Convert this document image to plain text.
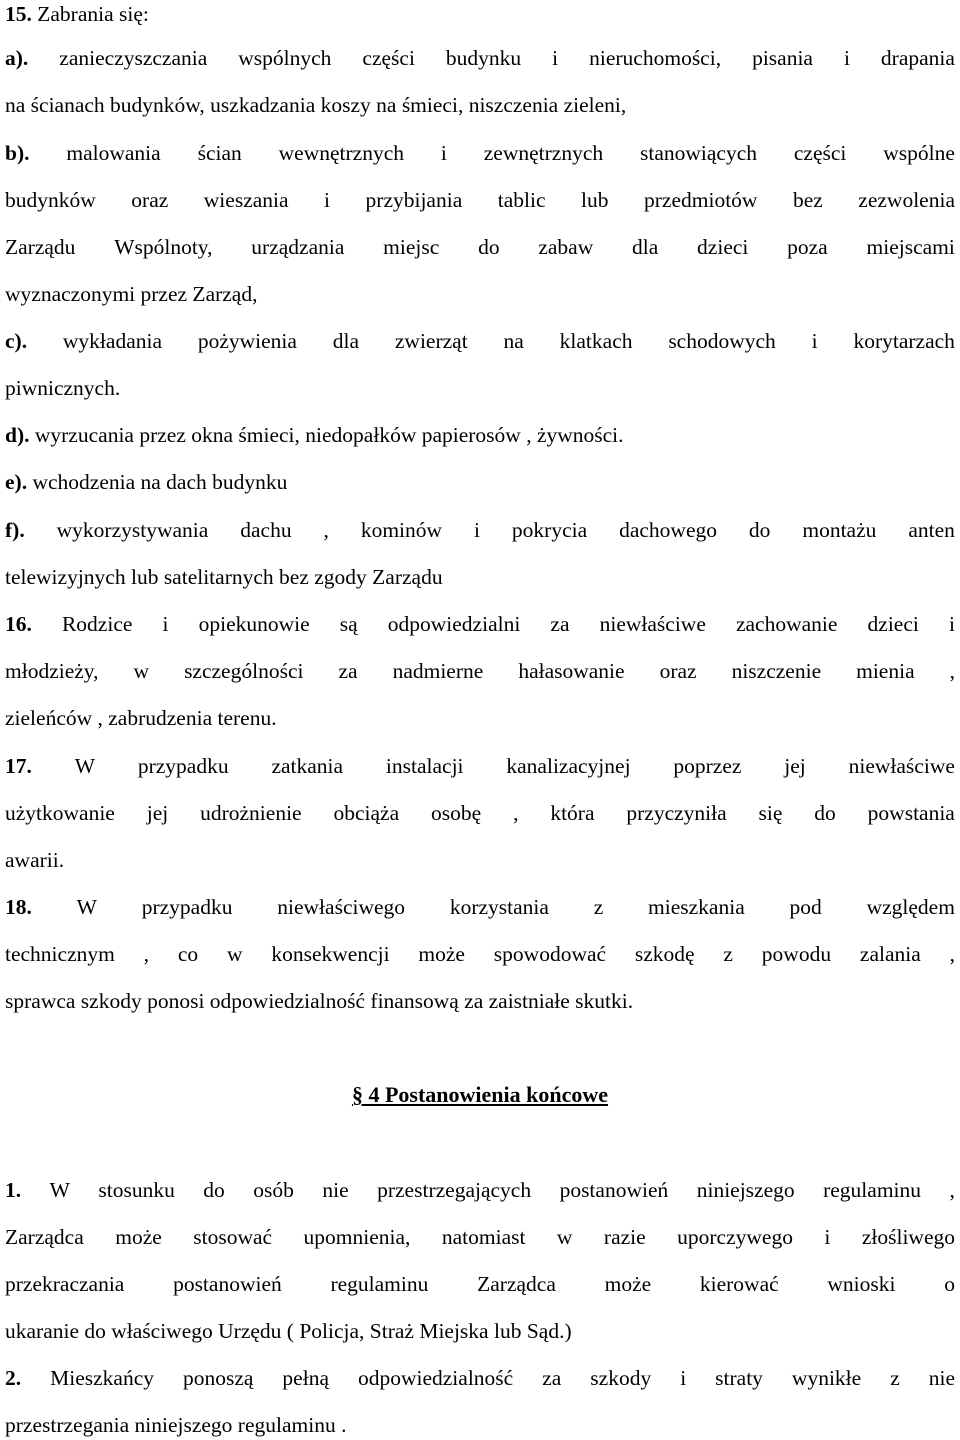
15. Zabrania się:
a). zanieczyszczania wspólnych części budynku i nieruchomości, pisania i drapania
na ścianach budynków, uszkadzania koszy na śmieci, niszczenia zieleni,
b). malowania ścian wewnętrznych i zewnętrznych stanowiących części wspólne
budynków oraz wieszania i przybijania tablic lub przedmiotów bez zezwolenia
Zarządu Wspólnoty, urządzania miejsc do zabaw dla dzieci poza miejscami
wyznaczonymi przez Zarząd,
c). wykładania pożywienia dla zwierząt na klatkach schodowych i korytarzach
piwnicznych.
d). wyrzucania przez okna śmieci, niedopałków papierosów , żywności.
e). wchodzenia na dach budynku
f). wykorzystywania dachu , kominów i pokrycia dachowego do montażu anten
telewizyjnych lub satelitarnych bez zgody Zarządu
16. Rodzice i opiekunowie są odpowiedzialni za niewłaściwe zachowanie dzieci i
młodzieży, w szczególności za nadmierne hałasowanie oraz niszczenie mienia ,
zieleńców , zabrudzenia terenu.
17. W przypadku zatkania instalacji kanalizacyjnej poprzez jej niewłaściwe
użytkowanie jej udrożnienie obciąża osobę , która przyczyniła się do powstania
awarii.
18. W przypadku niewłaściwego korzystania z mieszkania pod względem
technicznym , co w konsekwencji może spowodować szkodę z powodu zalania ,
sprawca szkody ponosi odpowiedzialność finansową za zaistniałe skutki.
§ 4 Postanowienia końcowe
1. W stosunku do osób nie przestrzegających postanowień niniejszego regulaminu ,
Zarządca może stosować upomnienia, natomiast w razie uporczywego i złośliwego
przekraczania postanowień regulaminu Zarządca może kierować wnioski o
ukaranie do właściwego Urzędu ( Policja, Straż Miejska lub Sąd.)
2. Mieszkańcy ponoszą pełną odpowiedzialność za szkody i straty wynikłe z nie
przestrzegania niniejszego regulaminu .
